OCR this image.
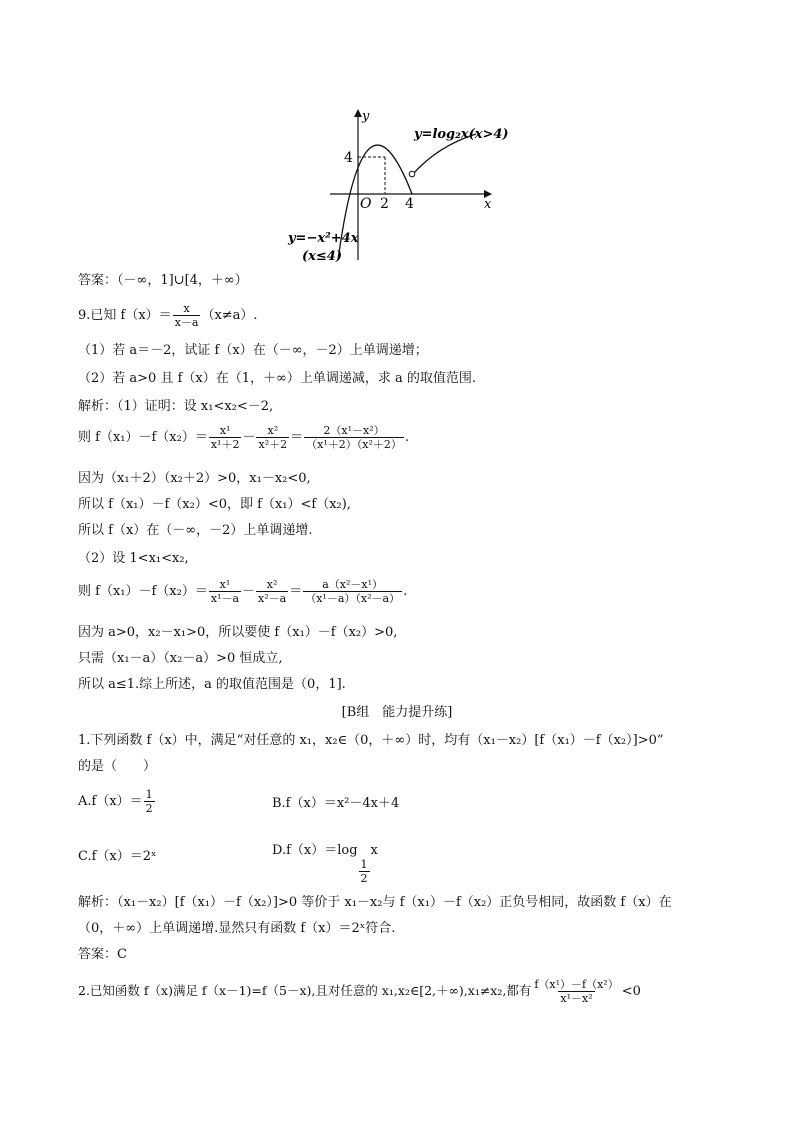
y
x
O 2 4
4
y=log₂x(x>4)
y=−x²+4x
(x≤4)
答案：（－∞，1]∪[4，＋∞）
9.已知 $f(x)= \frac{x}{x-a} (x\ne a)$.
（1）若 a＝－2，试证 f（x）在（－∞，－2）上单调递增；
（2）若 a>0 且 f（x）在（1，＋∞）上单调递减，求 a 的取值范围.
解析：（1）证明：设 x₁<x₂<－2,
则 $f(x_1)-f(x_2)= \frac{\text{x¹}}{\text{x¹＋2}} - \frac{\text{x²}}{\text{x²＋2}} = \frac{\text{2（x¹－x²）}}{\text{（x¹＋2）（x²＋2）}}$ .
因为（x₁＋2）（x₂＋2）>0，x₁－x₂<0,
所以 f（x₁）－f（x₂）<0，即 f（x₁）<f（x₂),
所以 f（x）在（－∞，－2）上单调递增.
（2）设 1<x₁<x₂,
则 $f(x_1)-f(x_2)= \frac{\text{x¹}}{\text{x¹－a}} - \frac{\text{x²}}{\text{x²－a}} = \frac{\text{a（x²－x¹）}}{\text{（x¹－a）（x²－a）}}$ .
因为 a>0，x₂－x₁>0，所以要使 f（x₁）－f（x₂）>0,
只需（x₁－a）（x₂－a）>0 恒成立,
所以 a≤1.综上所述，a 的取值范围是（0，1].
[B组　能力提升练]
1.下列函数 f（x）中，满足“对任意的 x₁，x₂∈（0，＋∞）时，均有（x₁－x₂）[f（x₁）－f（x₂）]>0”
的是（　　）
$A.f(x)= \frac{1}{2}$	B.f（x）＝x²－4x＋4
C.f（x）＝2ˣ	D.f（x）＝log
$\frac{1}{2}$
x
解析：（x₁－x₂）[f（x₁）－f（x₂）]>0 等价于 x₁－x₂与 f（x₁）－f（x₂）正负号相同，故函数 f（x）在
（0，＋∞）上单调递增.显然只有函数 f（x）＝2ˣ符合.
答案：C
2.已知函数 f（x)满足 f（x－1)=f（5－x),且对任意的 x₁,x₂∈[2,＋∞),x₁≠x₂,都有 $\frac{\text{f（x¹）－f（x²）}}{\text{x¹－x²}} <0$
